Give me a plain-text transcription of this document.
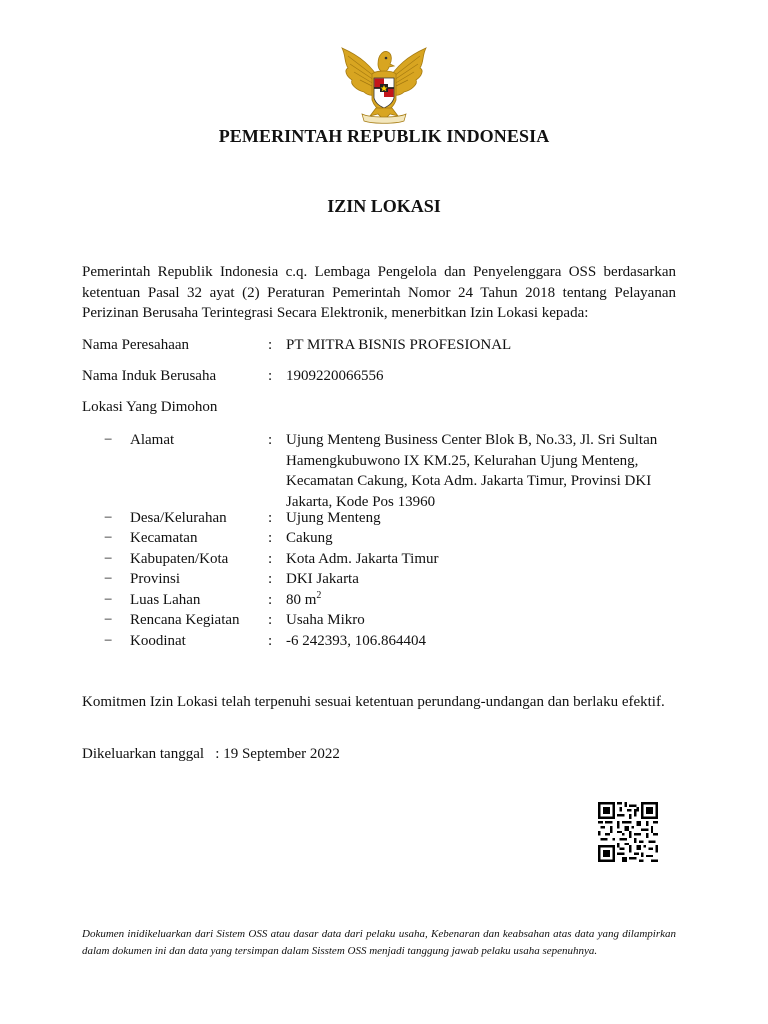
PEMERINTAH REPUBLIK INDONESIA
IZIN LOKASI
Pemerintah Republik Indonesia c.q. Lembaga Pengelola dan Penyelenggara OSS berdasarkan ketentuan Pasal 32 ayat (2) Peraturan Pemerintah Nomor 24 Tahun 2018 tentang Pelayanan Perizinan Berusaha Terintegrasi Secara Elektronik, menerbitkan Izin Lokasi kepada:
Nama Peresahaan	: PT MITRA BISNIS PROFESIONAL
Nama Induk Berusaha	: 1909220066556
Lokasi Yang Dimohon
− Alamat	: Ujung Menteng Business Center Blok B, No.33, Jl. Sri Sultan Hamengkubuwono IX KM.25, Kelurahan Ujung Menteng, Kecamatan Cakung, Kota Adm. Jakarta Timur, Provinsi DKI Jakarta, Kode Pos 13960
− Desa/Kelurahan	: Ujung Menteng
− Kecamatan	: Cakung
− Kabupaten/Kota	: Kota Adm. Jakarta Timur
− Provinsi	: DKI Jakarta
− Luas Lahan	: 80 $m^2$
− Rencana Kegiatan : Usaha Mikro
− Koodinat	: -6 242393, 106.864404
Komitmen Izin Lokasi telah terpenuhi sesuai ketentuan perundang-undangan dan berlaku efektif.
Dikeluarkan tanggal : 19 September 2022
Dokumen inidikeluarkan dari Sistem OSS atau dasar data dari pelaku usaha, Kebenaran dan keabsahan atas data yang dilampirkan dalam dokumen ini dan data yang tersimpan dalam Sisstem OSS menjadi tanggung jawab pelaku usaha sepenuhnya.
